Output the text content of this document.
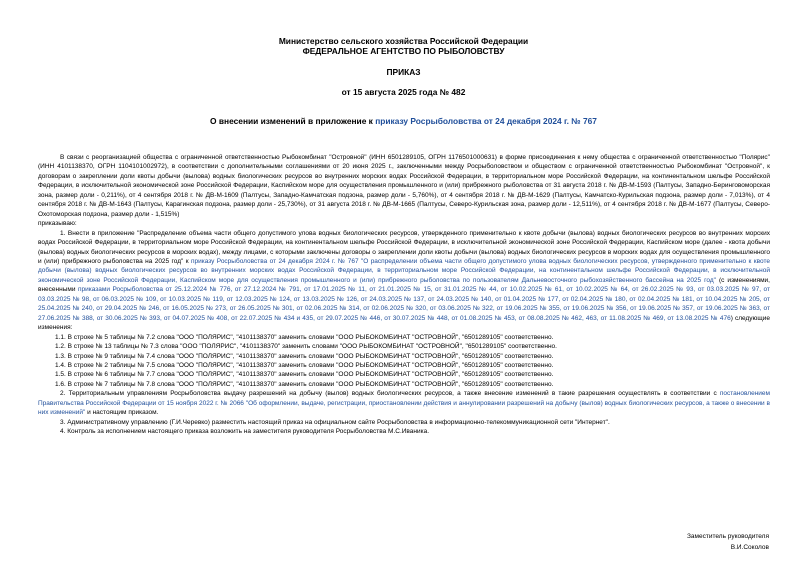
Министерство сельского хозяйства Российской Федерации
ФЕДЕРАЛЬНОЕ АГЕНТСТВО ПО РЫБОЛОВСТВУ
ПРИКАЗ
от 15 августа 2025 года № 482
О внесении изменений в приложение к приказу Росрыболовства от 24 декабря 2024 г. № 767

В связи с реорганизацией общества с ограниченной ответственностью Рыбокомбинат "Островной" (ИНН 6501289105, ОГРН 1176501000631) в форме присоединения к нему общества с ограниченной ответственностью "Полярис" (ИНН 4101138370, ОГРН 1104101002972), в соответствии с дополнительными соглашениями от 20 июня 2025 г., заключенными между Росрыболовством и обществом с ограниченной ответственностью Рыбокомбинат "Островной", к договорам о закреплении доли квоты добычи (вылова) водных биологических ресурсов во внутренних морских водах Российской Федерации, в территориальном море Российской Федерации, на континентальном шельфе Российской Федерации, в исключительной экономической зоне Российской Федерации, Каспийском море для осуществления промышленного и (или) прибрежного рыболовства от 31 августа 2018 г. № ДВ-М-1593 (Палтусы, Западно-Беринговоморская зона, размер доли - 0,211%), от 4 сентября 2018 г. № ДВ-М-1609 (Палтусы, Западно-Камчатская подзона, размер доли - 5,760%), от 4 сентября 2018 г. № ДВ-М-1629 (Палтусы, Камчатско-Курильская подзона, размер доли - 7,013%), от 4 сентября 2018 г. № ДВ-М-1643 (Палтусы, Карагинская подзона, размер доли - 25,730%), от 31 августа 2018 г. № ДВ-М-1665 (Палтусы, Северо-Курильская зона, размер доли - 12,511%), от 4 сентября 2018 г. № ДВ-М-1677 (Палтусы, Северо-Охотоморская подзона, размер доли - 1,515%)

приказываю:

1. Внести в приложение "Распределение объема части общего допустимого улова водных биологических ресурсов, утвержденного применительно к квоте добычи (вылова) водных биологических ресурсов во внутренних морских водах Российской Федерации, в территориальном море Российской Федерации, на континентальном шельфе Российской Федерации, в исключительной экономической зоне Российской Федерации, Каспийском море (далее - квота добычи (вылова) водных биологических ресурсов в морских водах), между лицами, с которыми заключены договоры о закреплении доли квоты добычи (вылова) водных биологических ресурсов в морских водах для осуществления промышленного и (или) прибрежного рыболовства на 2025 год" к приказу Росрыболовства от 24 декабря 2024 г. № 767 "О распределении объема части общего допустимого улова водных биологических ресурсов, утвержденного применительно к квоте добычи (вылова) водных биологических ресурсов во внутренних морских водах Российской Федерации, в территориальном море Российской Федерации, на континентальном шельфе Российской Федерации, в исключительной экономической зоне Российской Федерации, Каспийском море для осуществления промышленного и (или) прибрежного рыболовства по пользователям Дальневосточного рыбохозяйственного бассейна на 2025 год" (с изменениями, внесенными приказами Росрыболовства от 25.12.2024 № 776, от 27.12.2024 № 791, от 17.01.2025 № 11, от 21.01.2025 № 15, от 31.01.2025 № 44, от 10.02.2025 № 61, от 10.02.2025 № 64, от 26.02.2025 № 93, от 03.03.2025 № 97, от 03.03.2025 № 98, от 06.03.2025 № 109, от 10.03.2025 № 119, от 12.03.2025 № 124, от 13.03.2025 № 126, от 24.03.2025 № 137, от 24.03.2025 № 140, от 01.04.2025 № 177, от 02.04.2025 № 180, от 02.04.2025 № 181, от 10.04.2025 № 205, от 25.04.2025 № 240, от 29.04.2025 № 246, от 16.05.2025 № 273, от 26.05.2025 № 301, от 02.06.2025 № 314, от 02.06.2025 № 320, от 03.06.2025 № 322, от 19.06.2025 № 355, от 19.06.2025 № 356, от 19.06.2025 № 357, от 19.06.2025 № 363, от 27.06.2025 № 388, от 30.06.2025 № 393, от 04.07.2025 № 408, от 22.07.2025 № 434 и 435, от 29.07.2025 № 446, от 30.07.2025 № 448, от 01.08.2025 № 453, от 08.08.2025 № 462, 463, от 11.08.2025 № 469, от 13.08.2025 № 476) следующие изменения:

1.1. В строке № 5 таблицы № 7.2 слова "ООО "ПОЛЯРИС", "4101138370" заменить словами "ООО РЫБОКОМБИНАТ "ОСТРОВНОЙ", "6501289105" соответственно.
1.2. В строке № 13 таблицы № 7.3 слова "ООО "ПОЛЯРИС", "4101138370" заменить словами "ООО РЫБОКОМБИНАТ "ОСТРОВНОЙ", "6501289105" соответственно.
1.3. В строке № 9 таблицы № 7.4 слова "ООО "ПОЛЯРИС", "4101138370" заменить словами "ООО РЫБОКОМБИНАТ "ОСТРОВНОЙ", "6501289105" соответственно.
1.4. В строке № 2 таблицы № 7.5 слова "ООО "ПОЛЯРИС", "4101138370" заменить словами "ООО РЫБОКОМБИНАТ "ОСТРОВНОЙ", "6501289105" соответственно.
1.5. В строке № 6 таблицы № 7.7 слова "ООО "ПОЛЯРИС", "4101138370" заменить словами "ООО РЫБОКОМБИНАТ "ОСТРОВНОЙ", "6501289105" соответственно.
1.6. В строке № 7 таблицы № 7.8 слова "ООО "ПОЛЯРИС", "4101138370" заменить словами "ООО РЫБОКОМБИНАТ "ОСТРОВНОЙ", "6501289105" соответственно.

2. Территориальным управлениям Росрыболовства выдачу разрешений на добычу (вылов) водных биологических ресурсов, а также внесение изменений в такие разрешения осуществлять в соответствии с постановлением Правительства Российской Федерации от 15 ноября 2022 г. № 2066 "Об оформлении, выдаче, регистрации, приостановлении действия и аннулировании разрешений на добычу (вылов) водных биологических ресурсов, а также о внесении в них изменений" и настоящим приказом.

3. Административному управлению (Г.И.Черевко) разместить настоящий приказ на официальном сайте Росрыболовства в информационно-телекоммуникационной сети "Интернет".

4. Контроль за исполнением настоящего приказа возложить на заместителя руководителя Росрыболовства М.С.Иваника.

Заместитель руководителя
В.И.Соколов
